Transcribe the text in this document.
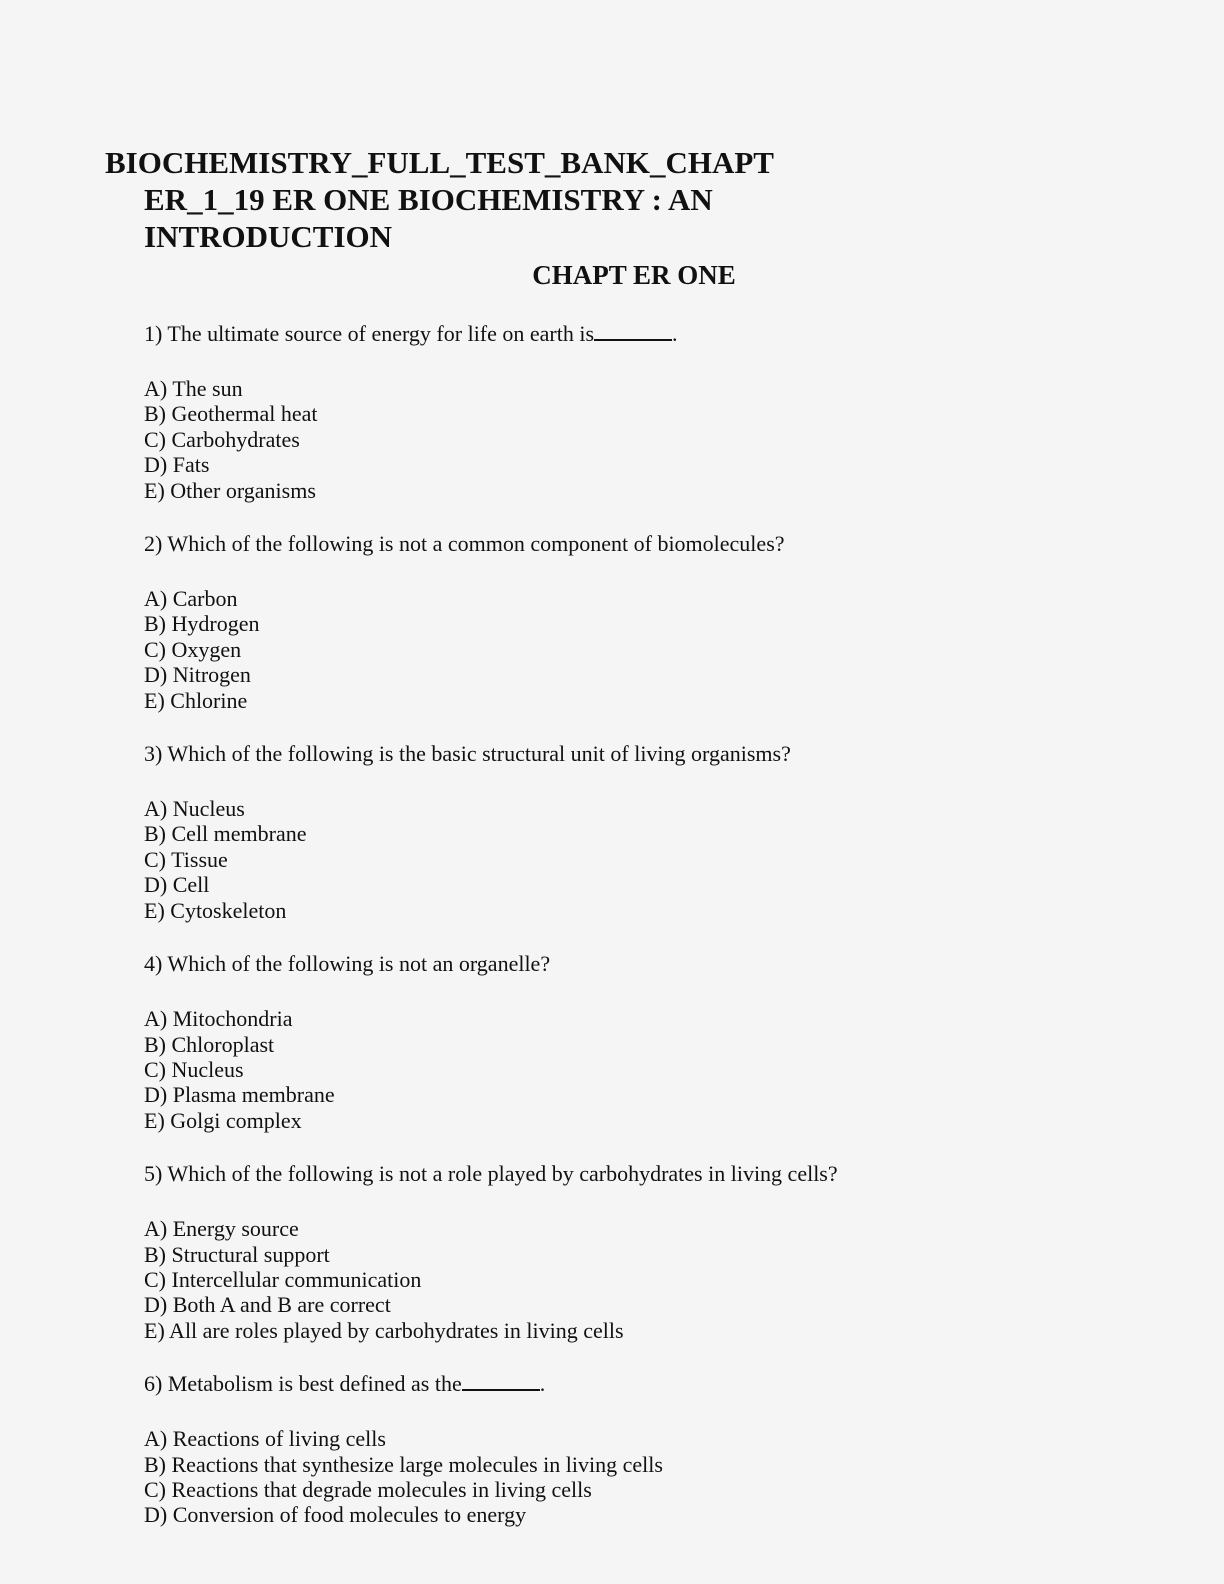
BIOCHEMISTRY_FULL_TEST_BANK_CHAPT
ER_1_19 ER ONE BIOCHEMISTRY : AN
INTRODUCTION
CHAPT ER ONE

1) The ultimate source of energy for life on earth is	.

A) The sun
B) Geothermal heat
C) Carbohydrates
D) Fats
E) Other organisms

2) Which of the following is not a common component of biomolecules?

A) Carbon
B) Hydrogen
C) Oxygen
D) Nitrogen
E) Chlorine

3) Which of the following is the basic structural unit of living organisms?

A) Nucleus
B) Cell membrane
C) Tissue
D) Cell
E) Cytoskeleton

4) Which of the following is not an organelle?

A) Mitochondria
B) Chloroplast
C) Nucleus
D) Plasma membrane
E) Golgi complex

5) Which of the following is not a role played by carbohydrates in living cells?

A) Energy source
B) Structural support
C) Intercellular communication
D) Both A and B are correct
E) All are roles played by carbohydrates in living cells

6) Metabolism is best defined as the	.

A) Reactions of living cells
B) Reactions that synthesize large molecules in living cells
C) Reactions that degrade molecules in living cells
D) Conversion of food molecules to energy
